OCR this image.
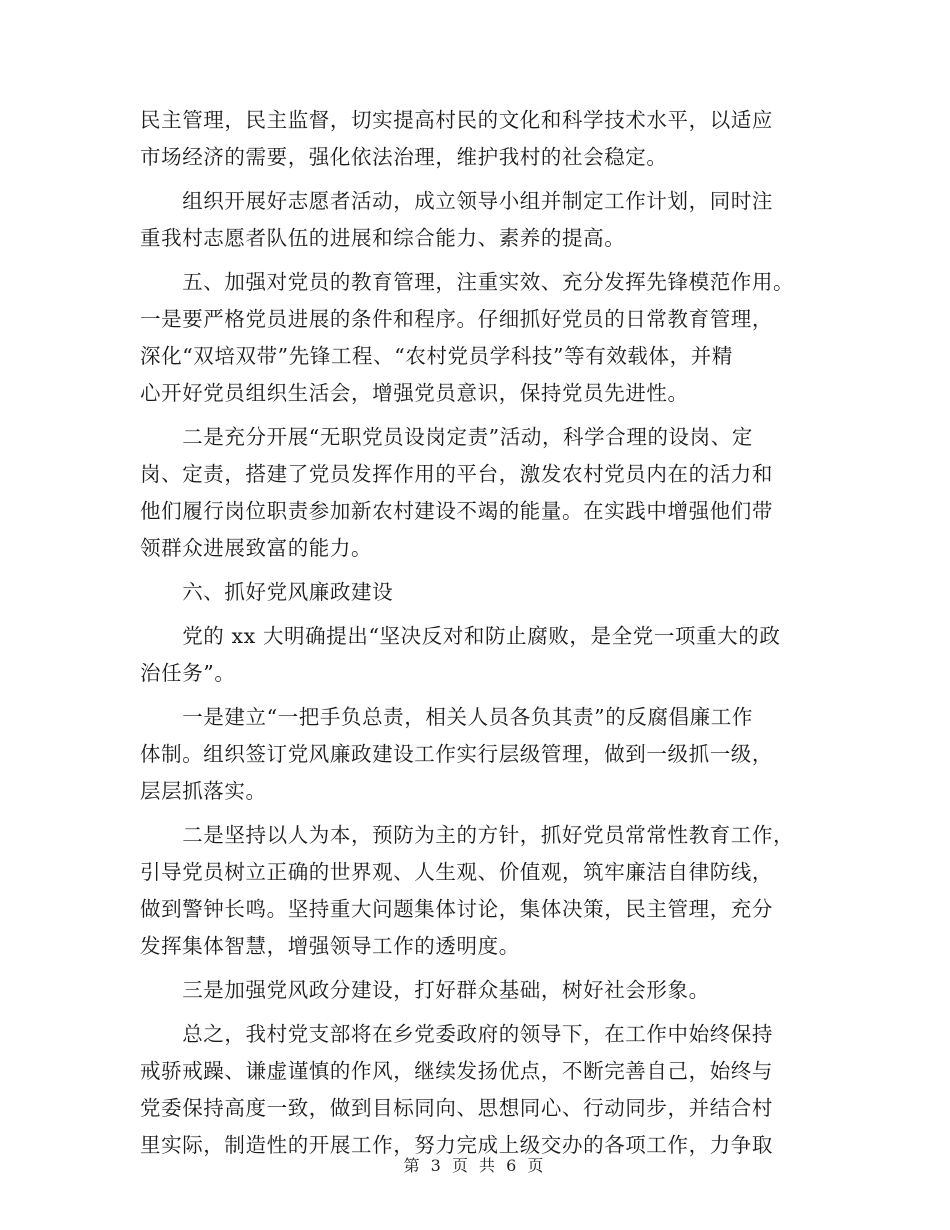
民主管理，民主监督，切实提高村民的文化和科学技术水平，以适应
市场经济的需要，强化依法治理，维护我村的社会稳定。
　　组织开展好志愿者活动，成立领导小组并制定工作计划，同时注
重我村志愿者队伍的进展和综合能力、素养的提高。
　　五、加强对党员的教育管理，注重实效、充分发挥先锋模范作用。
一是要严格党员进展的条件和程序。仔细抓好党员的日常教育管理，
深化“双培双带”先锋工程、“农村党员学科技”等有效载体，并精
心开好党员组织生活会，增强党员意识，保持党员先进性。
　　二是充分开展“无职党员设岗定责”活动，科学合理的设岗、定
岗、定责，搭建了党员发挥作用的平台，激发农村党员内在的活力和
他们履行岗位职责参加新农村建设不竭的能量。在实践中增强他们带
领群众进展致富的能力。
　　六、抓好党风廉政建设
　　党的 xx 大明确提出“坚决反对和防止腐败，是全党一项重大的政
治任务”。
　　一是建立“一把手负总责，相关人员各负其责”的反腐倡廉工作
体制。组织签订党风廉政建设工作实行层级管理，做到一级抓一级，
层层抓落实。
　　二是坚持以人为本，预防为主的方针，抓好党员常常性教育工作，
引导党员树立正确的世界观、人生观、价值观，筑牢廉洁自律防线，
做到警钟长鸣。坚持重大问题集体讨论，集体决策，民主管理，充分
发挥集体智慧，增强领导工作的透明度。
　　三是加强党风政分建设，打好群众基础，树好社会形象。
　　总之，我村党支部将在乡党委政府的领导下，在工作中始终保持
戒骄戒躁、谦虚谨慎的作风，继续发扬优点，不断完善自己，始终与
党委保持高度一致，做到目标同向、思想同心、行动同步，并结合村
里实际，制造性的开展工作，努力完成上级交办的各项工作，力争取
第 3 页 共 6 页
